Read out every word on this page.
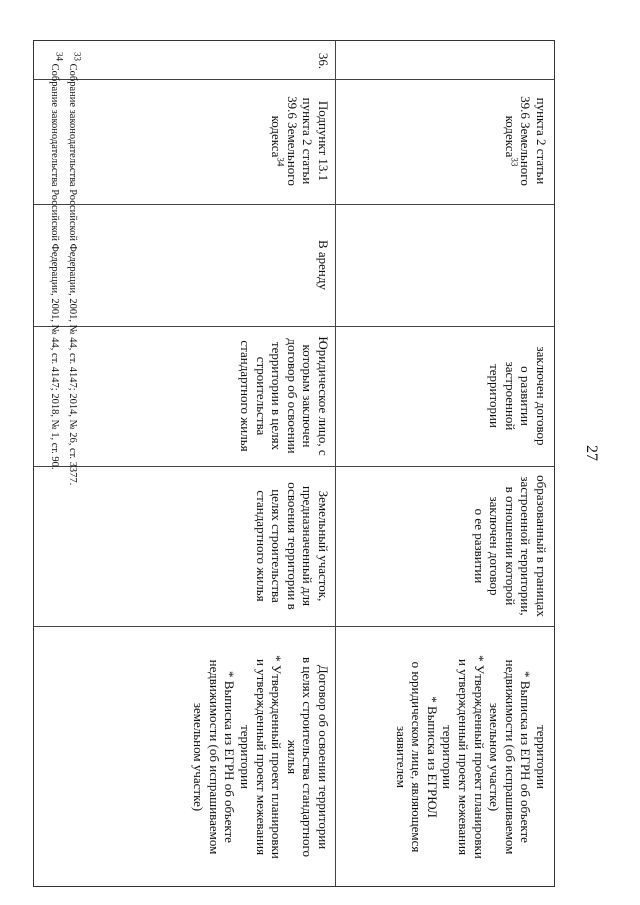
27
пункта 2 статьи
39.6 Земельного
кодекса$^{33}$
заключен договор
о развитии
застроенной
территории
образованный в границах
застроенной территории,
в отношении которой
заключен договор
о ее развитии
территории
* Выписка из ЕГРН об объекте
недвижимости (об испрашиваемом
земельном участке)
* Утвержденный проект планировки
и утвержденный проект межевания
территории
* Выписка из ЕГРЮЛ
о юридическом лице, являющемся
заявителем
36.
Подпункт 13.1
пункта 2 статьи
39.6 Земельного
кодекса$^{34}$
В аренду
Юридическое лицо, с
которым заключен
договор об освоении
территории в целях
строительства
стандартного жилья
Земельный участок,
предназначенный для
освоения территории в
целях строительства
стандартного жилья
Договор об освоении территории
в целях строительства стандартного
жилья
* Утвержденный проект планировки
и утвержденный проект межевания
территории
* Выписка из ЕГРН об объекте
недвижимости (об испрашиваемом
земельном участке)
$^{33}$ Собрание законодательства Российской Федерации, 2001, № 44, ст. 4147; 2014, № 26, ст. 3377.
$^{34}$ Собрание законодательства Российской Федерации, 2001, № 44, ст. 4147; 2018, № 1, ст. 90.
